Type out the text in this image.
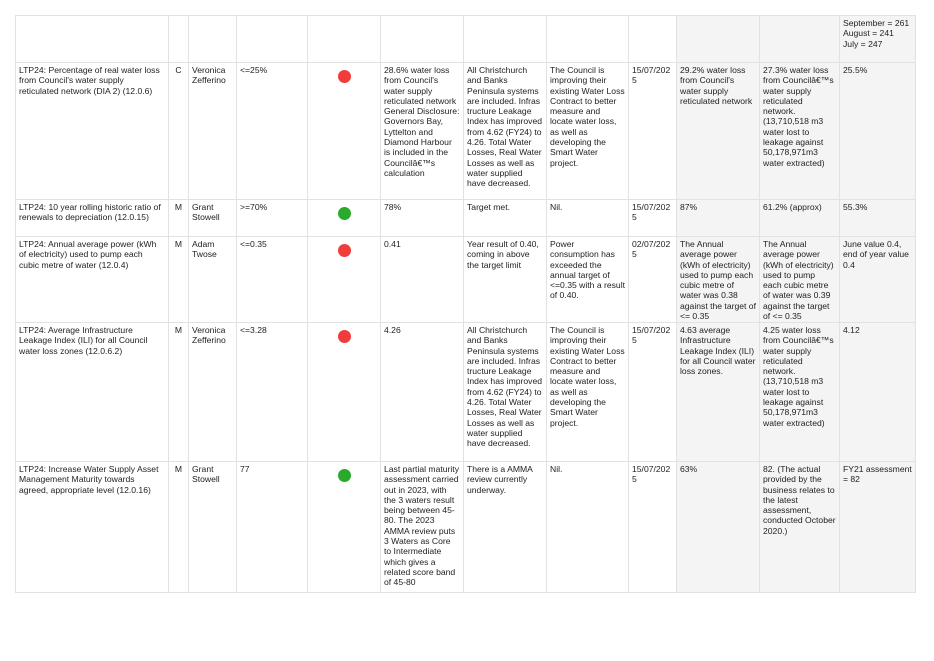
											September = 261
August = 241
July = 247
LTP24: Percentage of real water loss from Council's water supply reticulated network (DIA 2) (12.0.6)	C	Veronica Zefferino	<=25%		28.6% water loss from Council's water supply reticulated network General Disclosure: Governors Bay, Lyttelton and Diamond Harbour is included in the Councilâ€™s calculation	All Christchurch and Banks Peninsula systems are included. Infras tructure Leakage Index has improved from 4.62 (FY24) to 4.26. Total Water Losses, Real Water Losses as well as water supplied have decreased.	The Council is improving their existing Water Loss Contract to better measure and locate water loss, as well as developing the Smart Water project.	15/07/2025	29.2% water loss from Council's water supply reticulated network	27.3% water loss from Councilâ€™s water supply reticulated network. (13,710,518 m3 water lost to leakage against 50,178,971m3 water extracted)	25.5%
LTP24: 10 year rolling historic ratio of renewals to depreciation (12.0.15)	M	Grant Stowell	>=70%		78%	Target met.	Nil.	15/07/2025	87%	61.2% (approx)	55.3%
LTP24: Annual average power (kWh of electricity) used to pump each cubic metre of water (12.0.4)	M	Adam Twose	<=0.35		0.41	Year result of 0.40, coming in above the target limit	Power consumption has exceeded the annual target of <=0.35 with a result of 0.40.	02/07/2025	The Annual average power (kWh of electricity) used to pump each cubic metre of water was 0.38 against the target of <= 0.35	The Annual average power (kWh of electricity) used to pump each cubic metre of water was 0.39 against the target of <= 0.35	June value 0.4, end of year value 0.4
LTP24: Average Infrastructure Leakage Index (ILI) for all Council water loss zones (12.0.6.2)	M	Veronica Zefferino	<=3.28		4.26	All Christchurch and Banks Peninsula systems are included. Infras tructure Leakage Index has improved from 4.62 (FY24) to 4.26. Total Water Losses, Real Water Losses as well as water supplied have decreased.	The Council is improving their existing Water Loss Contract to better measure and locate water loss, as well as developing the Smart Water project.	15/07/2025	4.63 average Infrastructure Leakage Index (ILI) for all Council water loss zones.	4.25 water loss from Councilâ€™s water supply reticulated network. (13,710,518 m3 water lost to leakage against 50,178,971m3 water extracted)	4.12
LTP24: Increase Water Supply Asset Management Maturity towards agreed, appropriate level (12.0.16)	M	Grant Stowell	77		Last partial maturity assessment carried out in 2023, with the 3 waters result being between 45-80. The 2023 AMMA review puts 3 Waters as Core to Intermediate which gives a related score band of 45-80	There is a AMMA review currently underway.	Nil.	15/07/2025	63%	82. (The actual provided by the business relates to the latest assessment, conducted October 2020.)	FY21 assessment = 82
